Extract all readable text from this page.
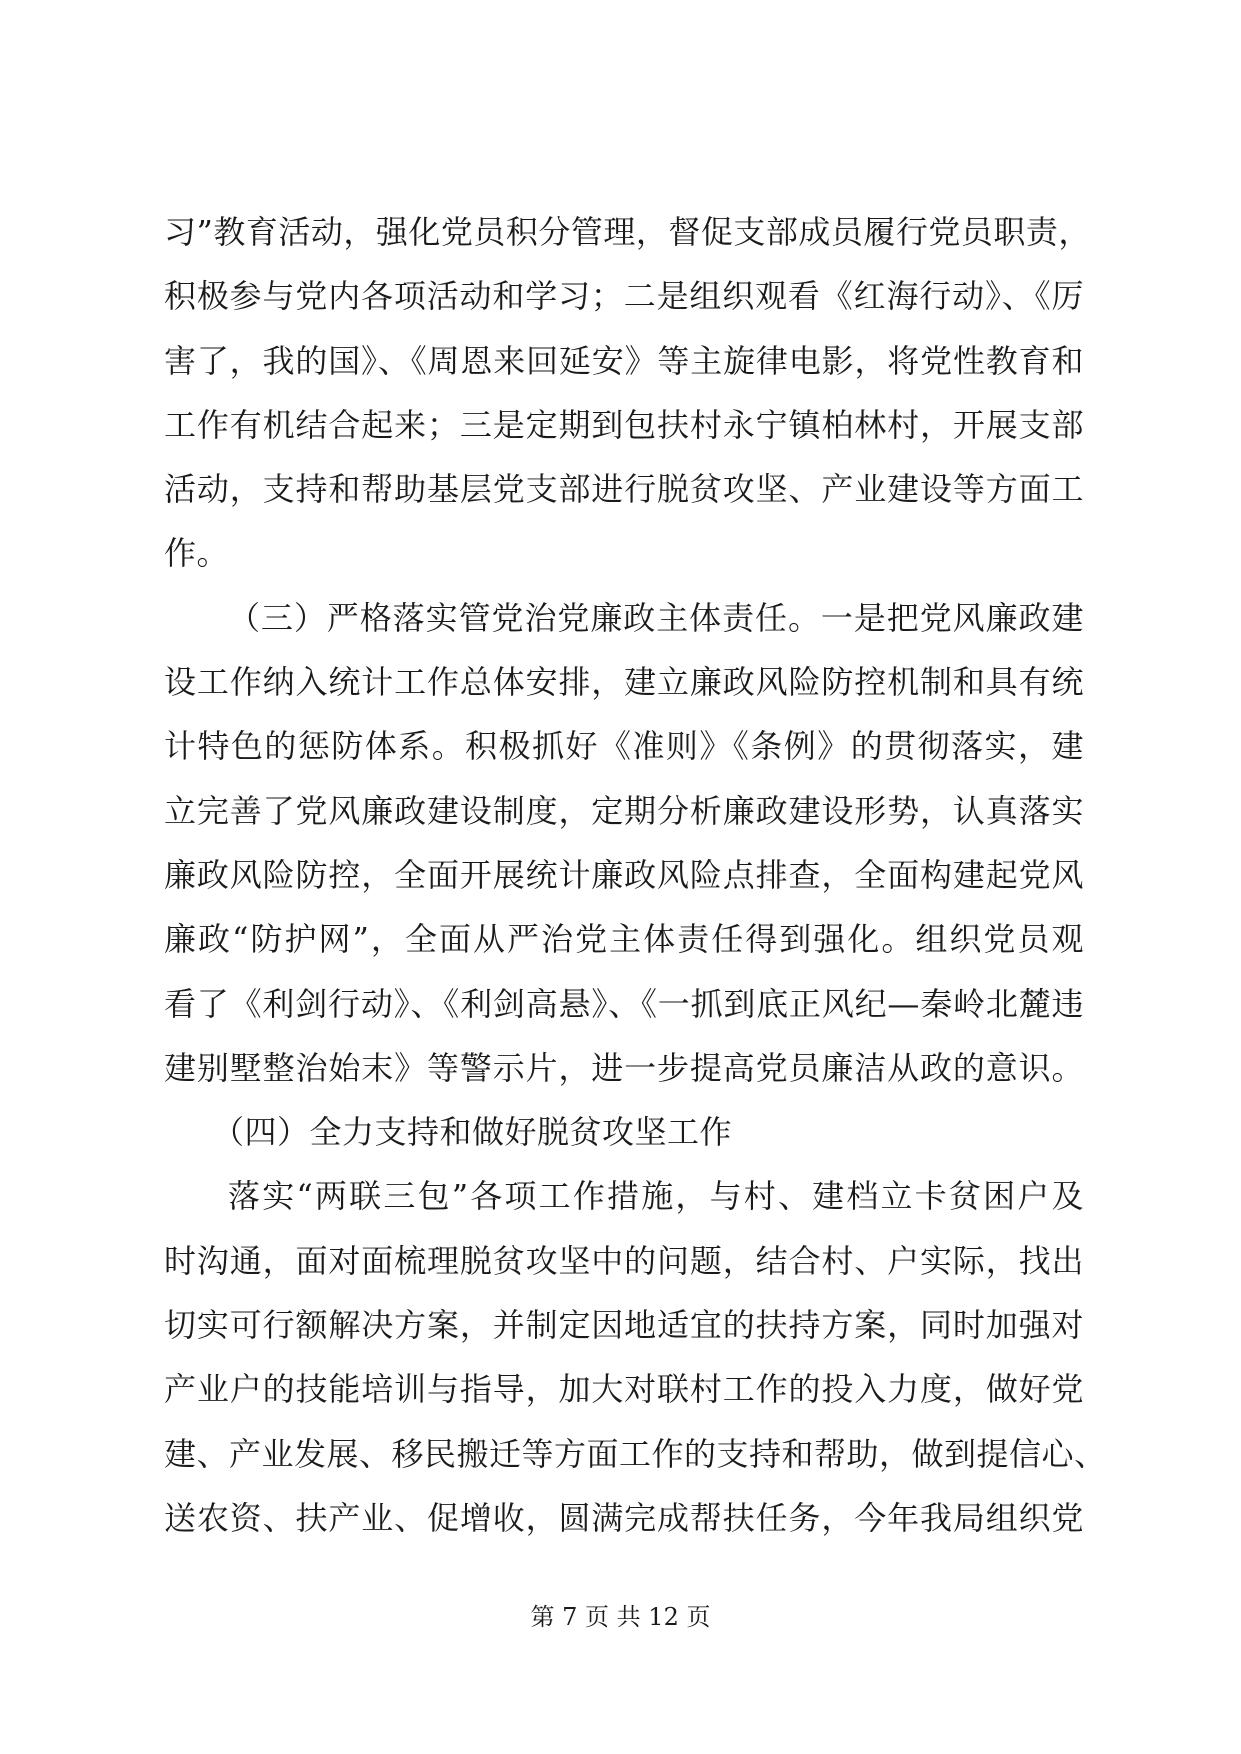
习”教育活动，强化党员积分管理，督促支部成员履行党员职责，
积极参与党内各项活动和学习；二是组织观看《红海行动》、《厉
害了，我的国》、《周恩来回延安》等主旋律电影，将党性教育和
工作有机结合起来；三是定期到包扶村永宁镇柏林村，开展支部
活动，支持和帮助基层党支部进行脱贫攻坚、产业建设等方面工
作。
（三）严格落实管党治党廉政主体责任。一是把党风廉政建
设工作纳入统计工作总体安排，建立廉政风险防控机制和具有统
计特色的惩防体系。积极抓好《准则》《条例》的贯彻落实，建
立完善了党风廉政建设制度，定期分析廉政建设形势，认真落实
廉政风险防控，全面开展统计廉政风险点排查，全面构建起党风
廉政“防护网”，全面从严治党主体责任得到强化。组织党员观
看了《利剑行动》、《利剑高悬》、《一抓到底正风纪—秦岭北麓违
建别墅整治始末》等警示片，进一步提高党员廉洁从政的意识。
（四）全力支持和做好脱贫攻坚工作
落实“两联三包”各项工作措施，与村、建档立卡贫困户及
时沟通，面对面梳理脱贫攻坚中的问题，结合村、户实际，找出
切实可行额解决方案，并制定因地适宜的扶持方案，同时加强对
产业户的技能培训与指导，加大对联村工作的投入力度，做好党
建、产业发展、移民搬迁等方面工作的支持和帮助，做到提信心、
送农资、扶产业、促增收，圆满完成帮扶任务，今年我局组织党
第 7 页 共 12 页
